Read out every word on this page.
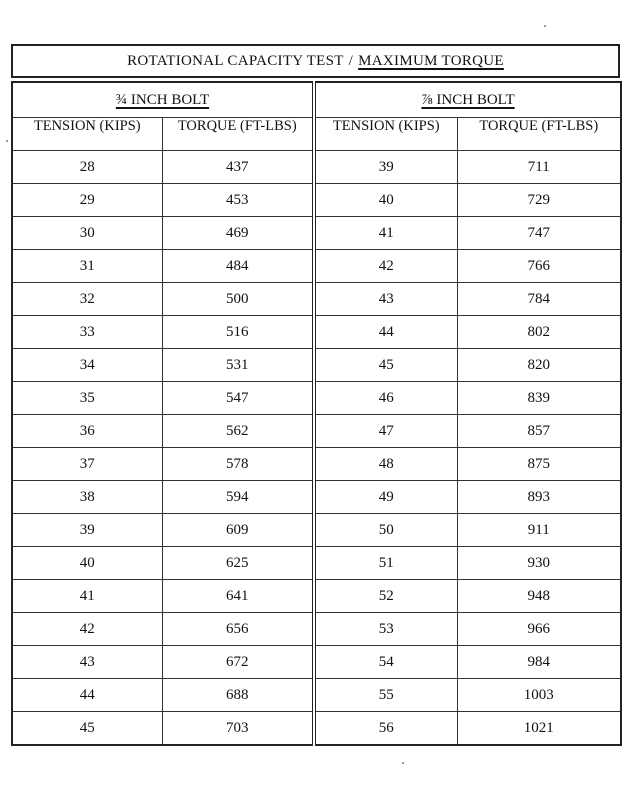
ROTATIONAL CAPACITY TEST / MAXIMUM TORQUE
¾ INCH BOLT		⅞ INCH BOLT	
TENSION (KIPS)	TORQUE (FT-LBS)	TENSION (KIPS)	TORQUE (FT-LBS)
28	437	39	711
29	453	40	729
30	469	41	747
31	484	42	766
32	500	43	784
33	516	44	802
34	531	45	820
35	547	46	839
36	562	47	857
37	578	48	875
38	594	49	893
39	609	50	911
40	625	51	930
41	641	52	948
42	656	53	966
43	672	54	984
44	688	55	1003
45	703	56	1021
